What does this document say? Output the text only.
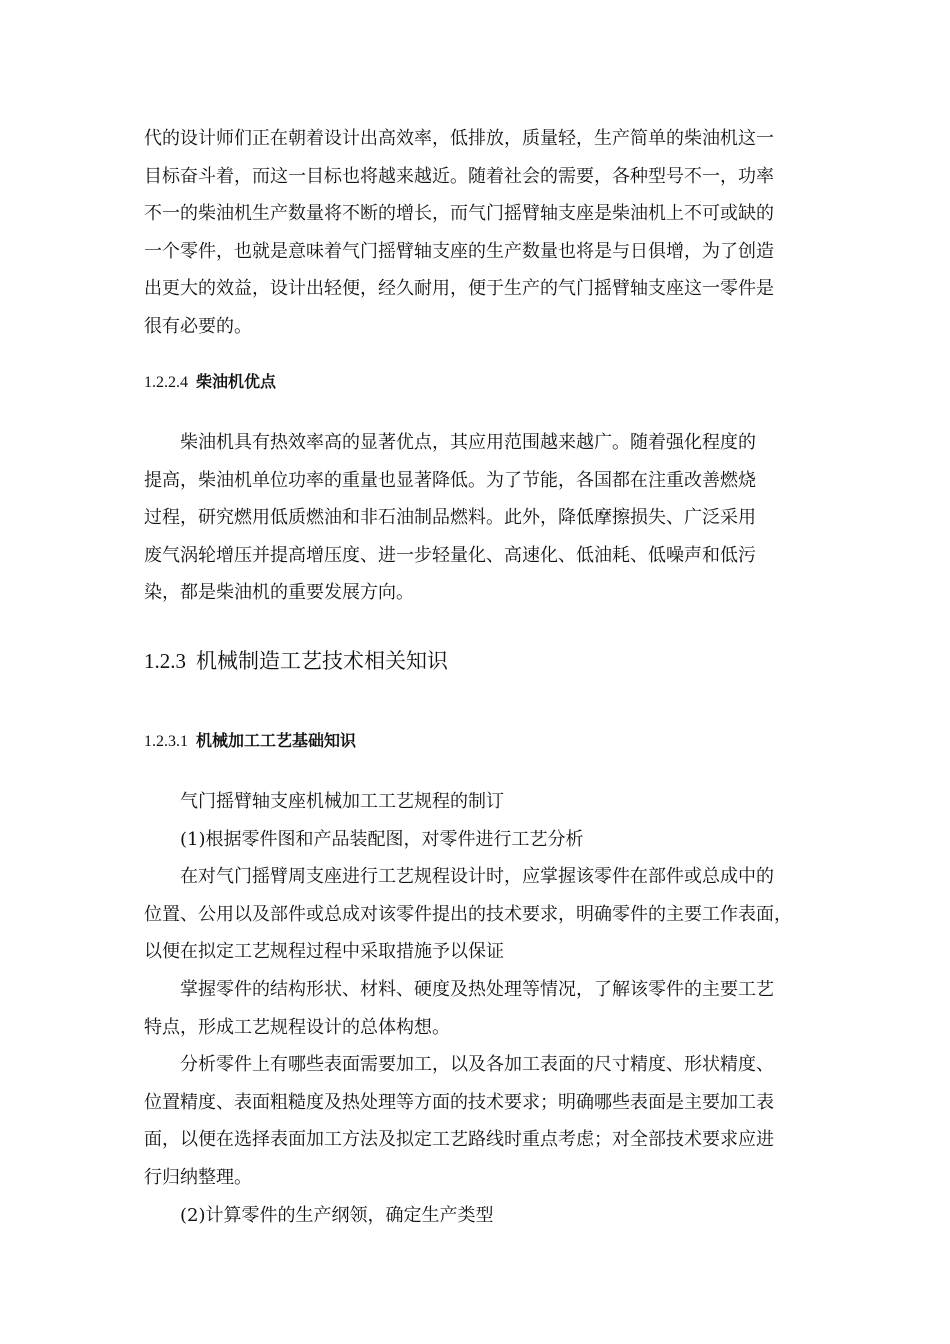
代的设计师们正在朝着设计出高效率，低排放，质量轻，生产简单的柴油机这一
目标奋斗着，而这一目标也将越来越近。随着社会的需要，各种型号不一，功率
不一的柴油机生产数量将不断的增长，而气门摇臂轴支座是柴油机上不可或缺的
一个零件，也就是意味着气门摇臂轴支座的生产数量也将是与日俱增，为了创造
出更大的效益，设计出轻便，经久耐用，便于生产的气门摇臂轴支座这一零件是
很有必要的。

1.2.2.4 柴油机优点

柴油机具有热效率高的显著优点，其应用范围越来越广。随着强化程度的
提高，柴油机单位功率的重量也显著降低。为了节能，各国都在注重改善燃烧
过程，研究燃用低质燃油和非石油制品燃料。此外，降低摩擦损失、广泛采用
废气涡轮增压并提高增压度、进一步轻量化、高速化、低油耗、低噪声和低污
染，都是柴油机的重要发展方向。

1.2.3 机械制造工艺技术相关知识

1.2.3.1 机械加工工艺基础知识

气门摇臂轴支座机械加工工艺规程的制订
(1)根据零件图和产品装配图，对零件进行工艺分析
在对气门摇臂周支座进行工艺规程设计时，应掌握该零件在部件或总成中的
位置、公用以及部件或总成对该零件提出的技术要求，明确零件的主要工作表面，
以便在拟定工艺规程过程中采取措施予以保证
掌握零件的结构形状、材料、硬度及热处理等情况，了解该零件的主要工艺
特点，形成工艺规程设计的总体构想。
分析零件上有哪些表面需要加工，以及各加工表面的尺寸精度、形状精度、
位置精度、表面粗糙度及热处理等方面的技术要求；明确哪些表面是主要加工表
面，以便在选择表面加工方法及拟定工艺路线时重点考虑；对全部技术要求应进
行归纳整理。
(2)计算零件的生产纲领，确定生产类型
